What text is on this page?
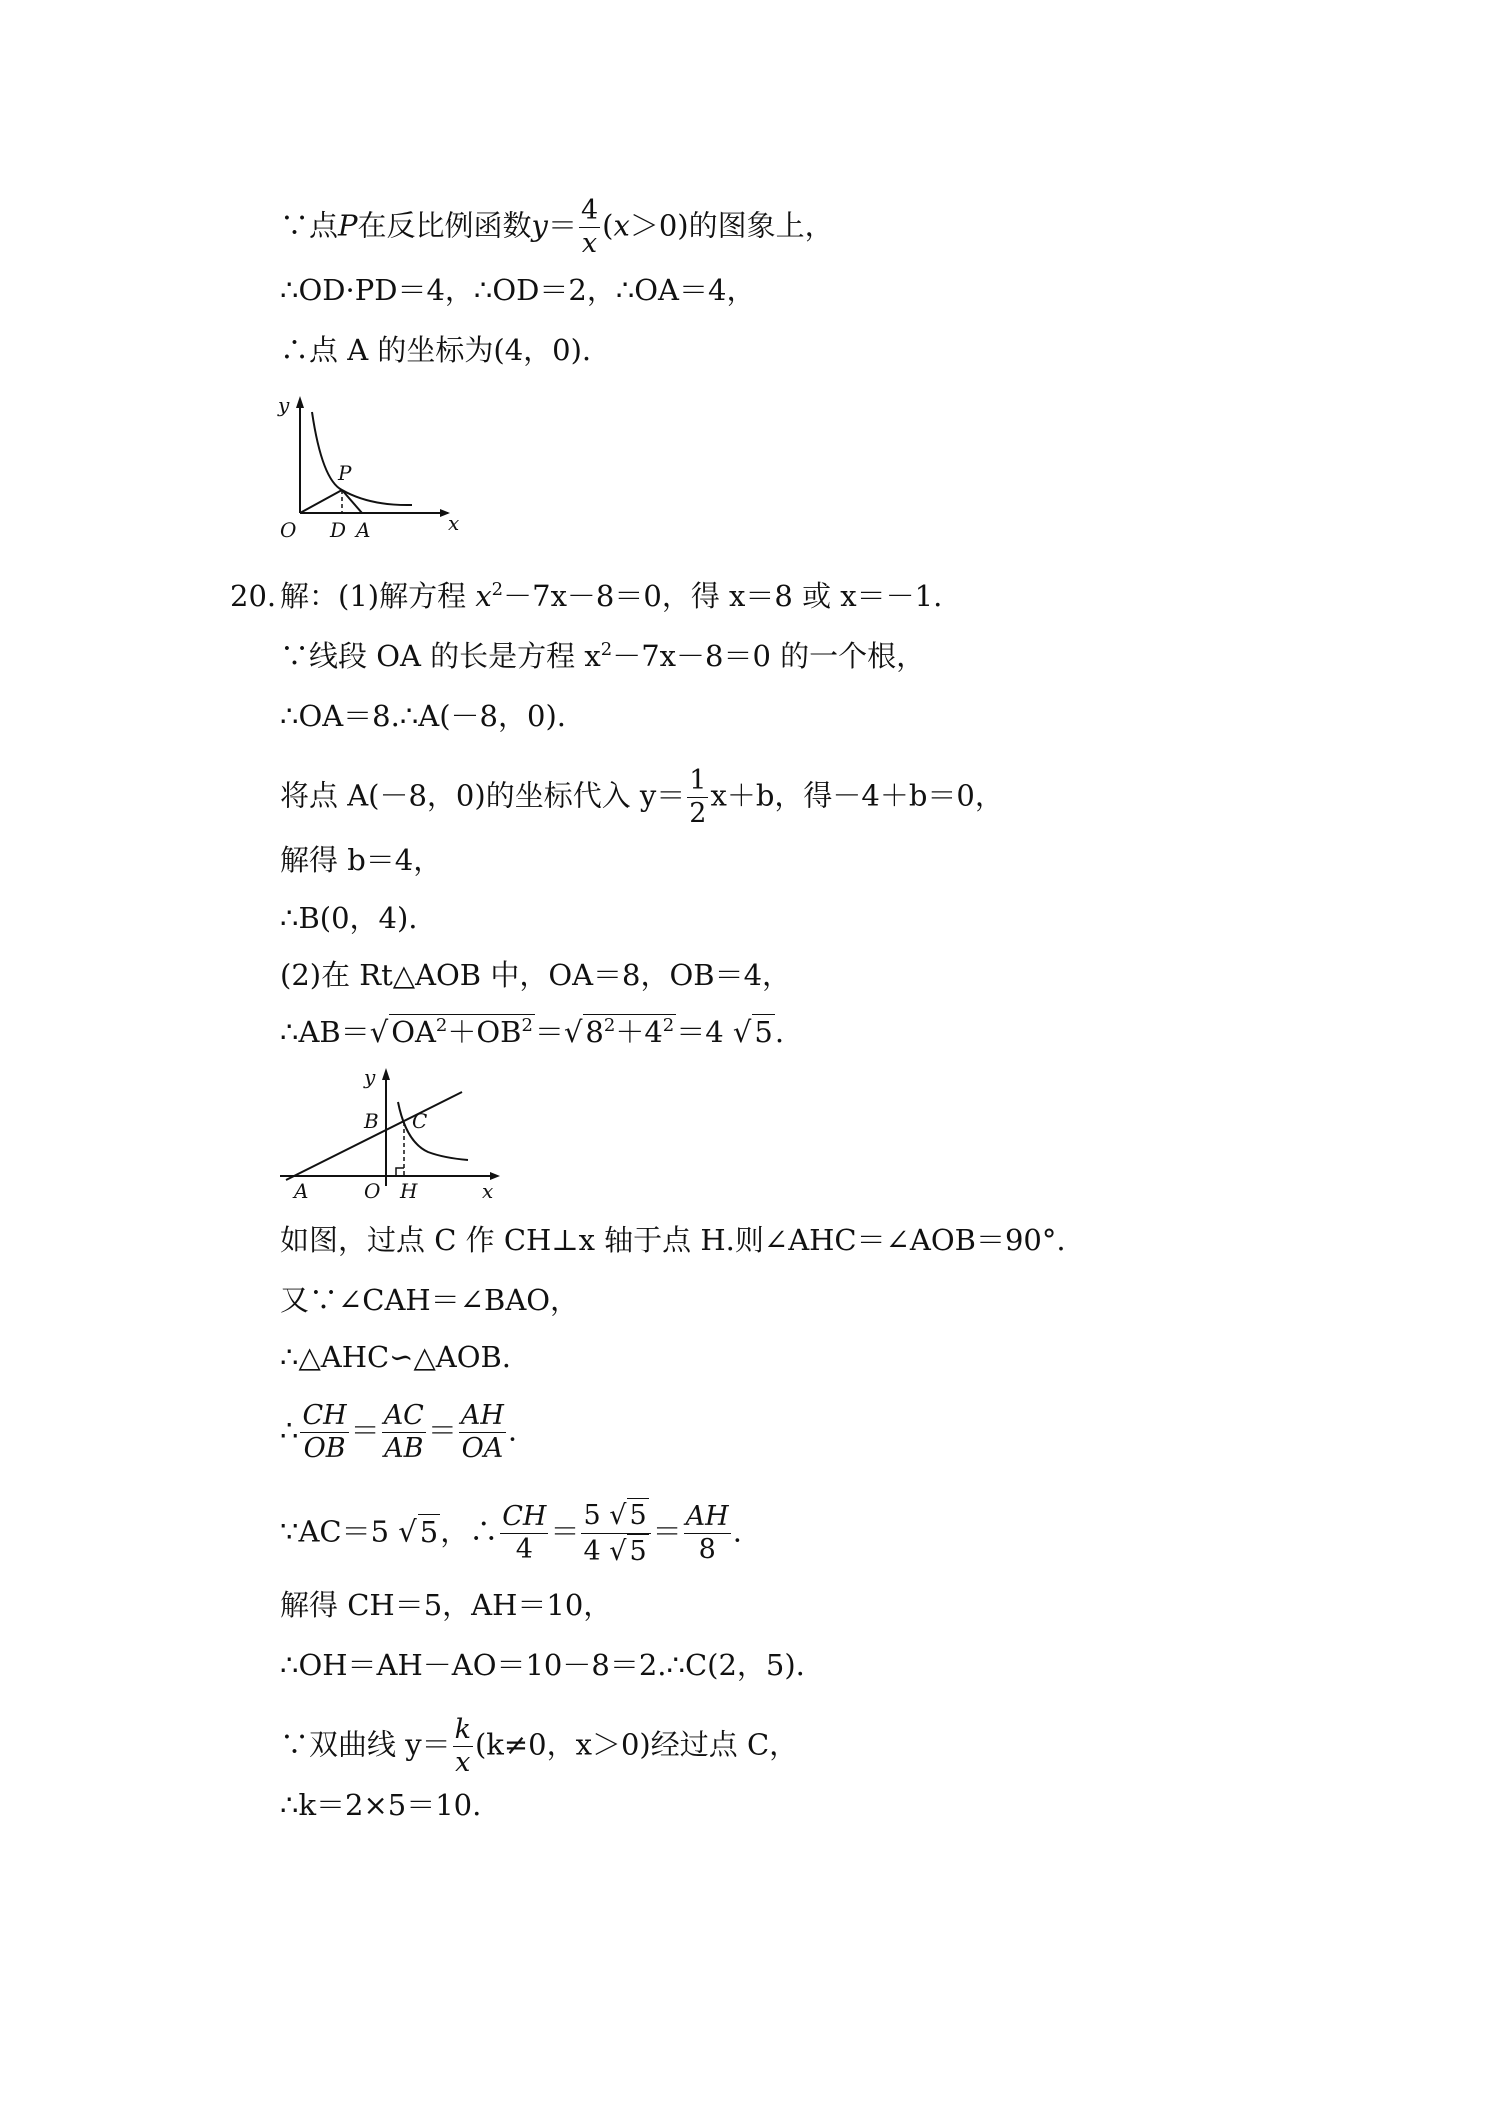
∵点P在反比例函数$y= \frac{4}{x} (x>0)$的图象上，
∴OD·PD＝4，∴OD＝2，∴OA＝4，
∴点 A 的坐标为(4，0).
y
P
O D A	x
20. 解：(1)解方程 $x^2-7x-8=0$，得 x＝8 或 x＝－1.
∵线段 OA 的长是方程 $x^2-7x-8=0$ 的一个根，
∴OA＝8.∴A(－8，0).
将点 A(－8，0)的坐标代入 $y= \frac{1}{2} x+b$，得－4＋b＝0，
解得 b＝4，
∴B(0，4).
(2)在 Rt△AOB 中，OA＝8，OB＝4，
∴AB＝√ $OA^2+OB^2=√$ $8^2+4^2=4$ √ 5.
y
B C
A	O H	x
如图，过点 C 作 CH⊥x 轴于点 H.则∠AHC＝∠AOB＝90°.
又∵∠CAH＝∠BAO，
∴△AHC∽△AOB.
∴ $\frac{CH}{OB} = \frac{AC}{AB} = \frac{AH}{OA}$ .
∵AC＝5 √ 5，∴ $\frac{CH}{4} = \frac{5 √ 5}{4 √ 5} = \frac{AH}{8}$ .
解得 CH＝5，AH＝10，
∴OH＝AH－AO＝10－8＝2.∴C(2，5).
∵双曲线 $y= \frac{k}{x} (k\ne 0$，x＞0)经过点 C，
∴k＝2×5＝10.
